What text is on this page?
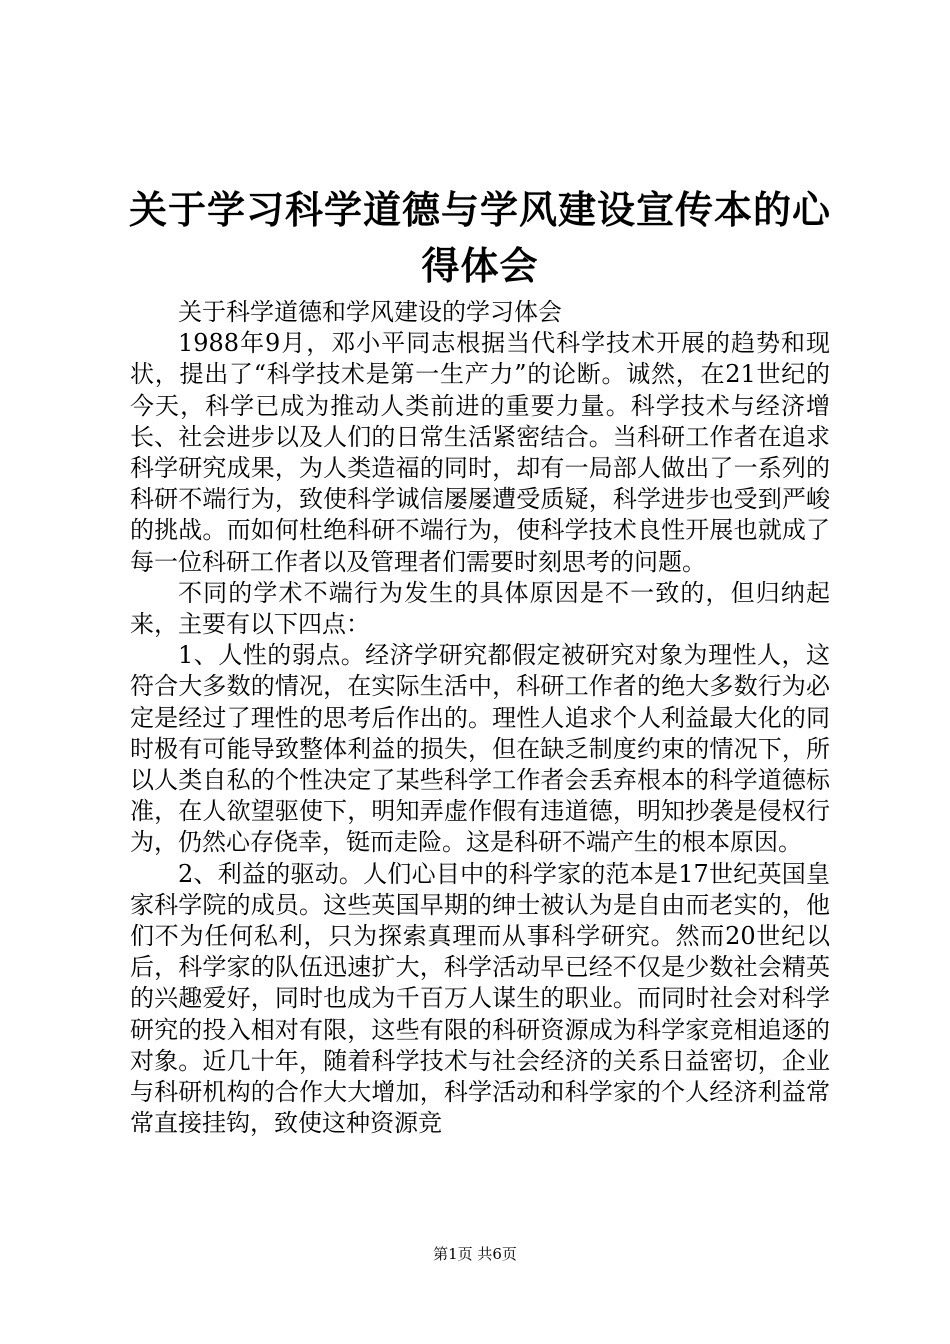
关于学习科学道德与学风建设宣传本的心得体会

关于科学道德和学风建设的学习体会

1988年9月，邓小平同志根据当代科学技术开展的趋势和现状，提出了“科学技术是第一生产力”的论断。诚然，在21世纪的今天，科学已成为推动人类前进的重要力量。科学技术与经济增长、社会进步以及人们的日常生活紧密结合。当科研工作者在追求科学研究成果，为人类造福的同时，却有一局部人做出了一系列的科研不端行为，致使科学诚信屡屡遭受质疑，科学进步也受到严峻的挑战。而如何杜绝科研不端行为，使科学技术良性开展也就成了每一位科研工作者以及管理者们需要时刻思考的问题。

不同的学术不端行为发生的具体原因是不一致的，但归纳起来，主要有以下四点：

1、人性的弱点。经济学研究都假定被研究对象为理性人，这符合大多数的情况，在实际生活中，科研工作者的绝大多数行为必定是经过了理性的思考后作出的。理性人追求个人利益最大化的同时极有可能导致整体利益的损失，但在缺乏制度约束的情况下，所以人类自私的个性决定了某些科学工作者会丢弃根本的科学道德标准，在人欲望驱使下，明知弄虚作假有违道德，明知抄袭是侵权行为，仍然心存侥幸，铤而走险。这是科研不端产生的根本原因。

2、利益的驱动。人们心目中的科学家的范本是17世纪英国皇家科学院的成员。这些英国早期的绅士被认为是自由而老实的，他们不为任何私利，只为探索真理而从事科学研究。然而20世纪以后，科学家的队伍迅速扩大，科学活动早已经不仅是少数社会精英的兴趣爱好，同时也成为千百万人谋生的职业。而同时社会对科学研究的投入相对有限，这些有限的科研资源成为科学家竞相追逐的对象。近几十年，随着科学技术与社会经济的关系日益密切，企业与科研机构的合作大大增加，科学活动和科学家的个人经济利益常常直接挂钩，致使这种资源竞

第1页 共6页
